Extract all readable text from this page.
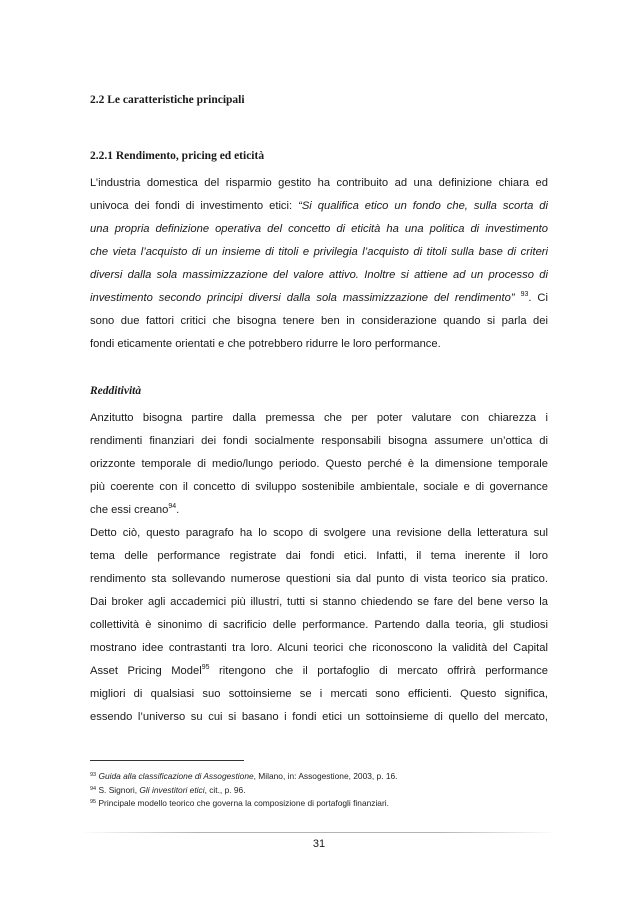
2.2 Le caratteristiche principali
2.2.1 Rendimento, pricing ed eticità
L’industria domestica del risparmio gestito ha contribuito ad una definizione chiara ed
univoca dei fondi di investimento etici: “Si qualifica etico un fondo che, sulla scorta di
una propria definizione operativa del concetto di eticità ha una politica di investimento
che vieta l’acquisto di un insieme di titoli e privilegia l’acquisto di titoli sulla base di criteri
diversi dalla sola massimizzazione del valore attivo. Inoltre si attiene ad un processo di
investimento secondo principi diversi dalla sola massimizzazione del rendimento” $^{93}$. Ci
sono due fattori critici che bisogna tenere ben in considerazione quando si parla dei
fondi eticamente orientati e che potrebbero ridurre le loro performance.
Redditività
Anzitutto bisogna partire dalla premessa che per poter valutare con chiarezza i
rendimenti finanziari dei fondi socialmente responsabili bisogna assumere un’ottica di
orizzonte temporale di medio/lungo periodo. Questo perché è la dimensione temporale
più coerente con il concetto di sviluppo sostenibile ambientale, sociale e di governance
che essi creano$^{94}$.
Detto ciò, questo paragrafo ha lo scopo di svolgere una revisione della letteratura sul
tema delle performance registrate dai fondi etici. Infatti, il tema inerente il loro
rendimento sta sollevando numerose questioni sia dal punto di vista teorico sia pratico.
Dai broker agli accademici più illustri, tutti si stanno chiedendo se fare del bene verso la
collettività è sinonimo di sacrificio delle performance. Partendo dalla teoria, gli studiosi
mostrano idee contrastanti tra loro. Alcuni teorici che riconoscono la validità del Capital
Asset Pricing Model$^{95}$ ritengono che il portafoglio di mercato offrirà performance
migliori di qualsiasi suo sottoinsieme se i mercati sono efficienti. Questo significa,
essendo l’universo su cui si basano i fondi etici un sottoinsieme di quello del mercato,
$^{93}$ Guida alla classificazione di Assogestione, Milano, in: Assogestione, 2003, p. 16.
$^{94}$ S. Signori, Gli investitori etici, cit., p. 96.
$^{95}$ Principale modello teorico che governa la composizione di portafogli finanziari.
31
